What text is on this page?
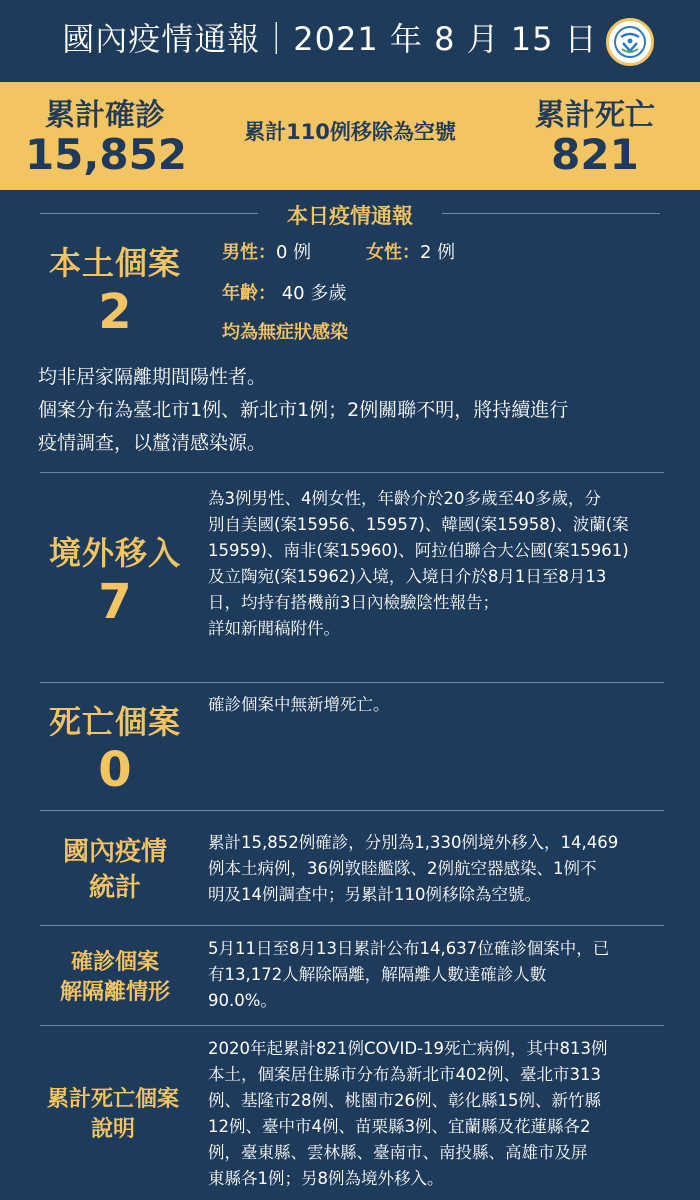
國內疫情通報｜2021 年 8 月 15 日
累計確診
15,852	累計110例移除為空號	累計死亡
821
本日疫情通報
本土個案
2
男性：0 例	女性：2 例
年齡： 40 多歲
均為無症狀感染
均非居家隔離期間陽性者。
個案分布為臺北市1例、新北市1例；2例關聯不明，將持續進行
疫情調查，以釐清感染源。
境外移入
7
為3例男性、4例女性，年齡介於20多歲至40多歲，分
別自美國(案15956、15957)、韓國(案15958)、波蘭(案
15959)、南非(案15960)、阿拉伯聯合大公國(案15961)
及立陶宛(案15962)入境，入境日介於8月1日至8月13
日，均持有搭機前3日內檢驗陰性報告；
詳如新聞稿附件。
死亡個案
0
確診個案中無新增死亡。
國內疫情
統計
累計15,852例確診，分別為1,330例境外移入，14,469
例本土病例，36例敦睦艦隊、2例航空器感染、1例不
明及14例調查中；另累計110例移除為空號。
確診個案
解隔離情形
5月11日至8月13日累計公布14,637位確診個案中，已
有13,172人解除隔離，解隔離人數達確診人數
90.0%。
累計死亡個案
說明
2020年起累計821例COVID-19死亡病例，其中813例
本土，個案居住縣市分布為新北市402例、臺北市313
例、基隆市28例、桃園市26例、彰化縣15例、新竹縣
12例、臺中市4例、苗栗縣3例、宜蘭縣及花蓮縣各2
例，臺東縣、雲林縣、臺南市、南投縣、高雄市及屏
東縣各1例；另8例為境外移入。
